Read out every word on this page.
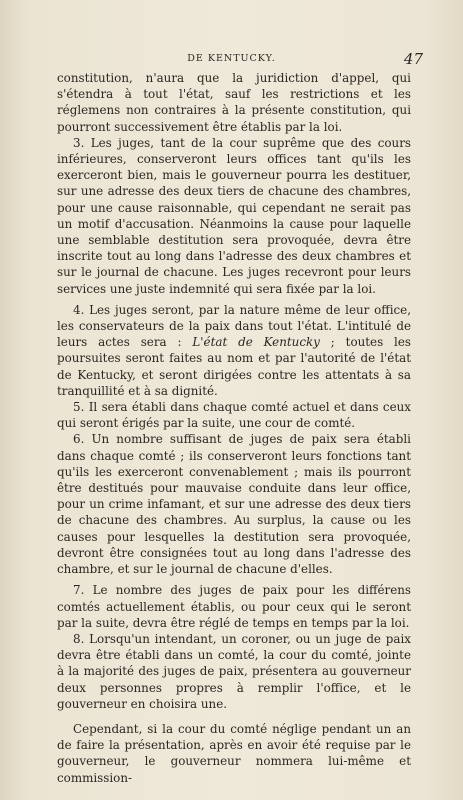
DE KENTUCKY.	47

constitution, n'aura que la juridiction d'appel, qui s'étendra à tout l'état, sauf les restrictions et les réglemens non contraires à la présente constitution, qui pourront successivement être établis par la loi.

3. Les juges, tant de la cour suprême que des cours inférieures, conserveront leurs offices tant qu'ils les exerceront bien, mais le gouverneur pourra les destituer, sur une adresse des deux tiers de chacune des chambres, pour une cause raisonnable, qui cependant ne serait pas un motif d'accusation. Néanmoins la cause pour laquelle une semblable destitution sera provoquée, devra être inscrite tout au long dans l'adresse des deux chambres et sur le journal de chacune. Les juges recevront pour leurs services une juste indemnité qui sera fixée par la loi.

4. Les juges seront, par la nature même de leur office, les conservateurs de la paix dans tout l'état. L'intitulé de leurs actes sera : L'état de Kentucky ; toutes les poursuites seront faites au nom et par l'autorité de l'état de Kentucky, et seront dirigées contre les attentats à sa tranquillité et à sa dignité.

5. Il sera établi dans chaque comté actuel et dans ceux qui seront érigés par la suite, une cour de comté.

6. Un nombre suffisant de juges de paix sera établi dans chaque comté ; ils conserveront leurs fonctions tant qu'ils les exerceront convenablement ; mais ils pourront être destitués pour mauvaise conduite dans leur office, pour un crime infamant, et sur une adresse des deux tiers de chacune des chambres. Au surplus, la cause ou les causes pour lesquelles la destitution sera provoquée, devront être consignées tout au long dans l'adresse des chambre, et sur le journal de chacune d'elles.

7. Le nombre des juges de paix pour les différens comtés actuellement établis, ou pour ceux qui le seront par la suite, devra être réglé de temps en temps par la loi.

8. Lorsqu'un intendant, un coroner, ou un juge de paix devra être établi dans un comté, la cour du comté, jointe à la majorité des juges de paix, présentera au gouverneur deux personnes propres à remplir l'office, et le gouverneur en choisira une.

Cependant, si la cour du comté néglige pendant un an de faire la présentation, après en avoir été requise par le gouverneur, le gouverneur nommera lui-même et commission-
